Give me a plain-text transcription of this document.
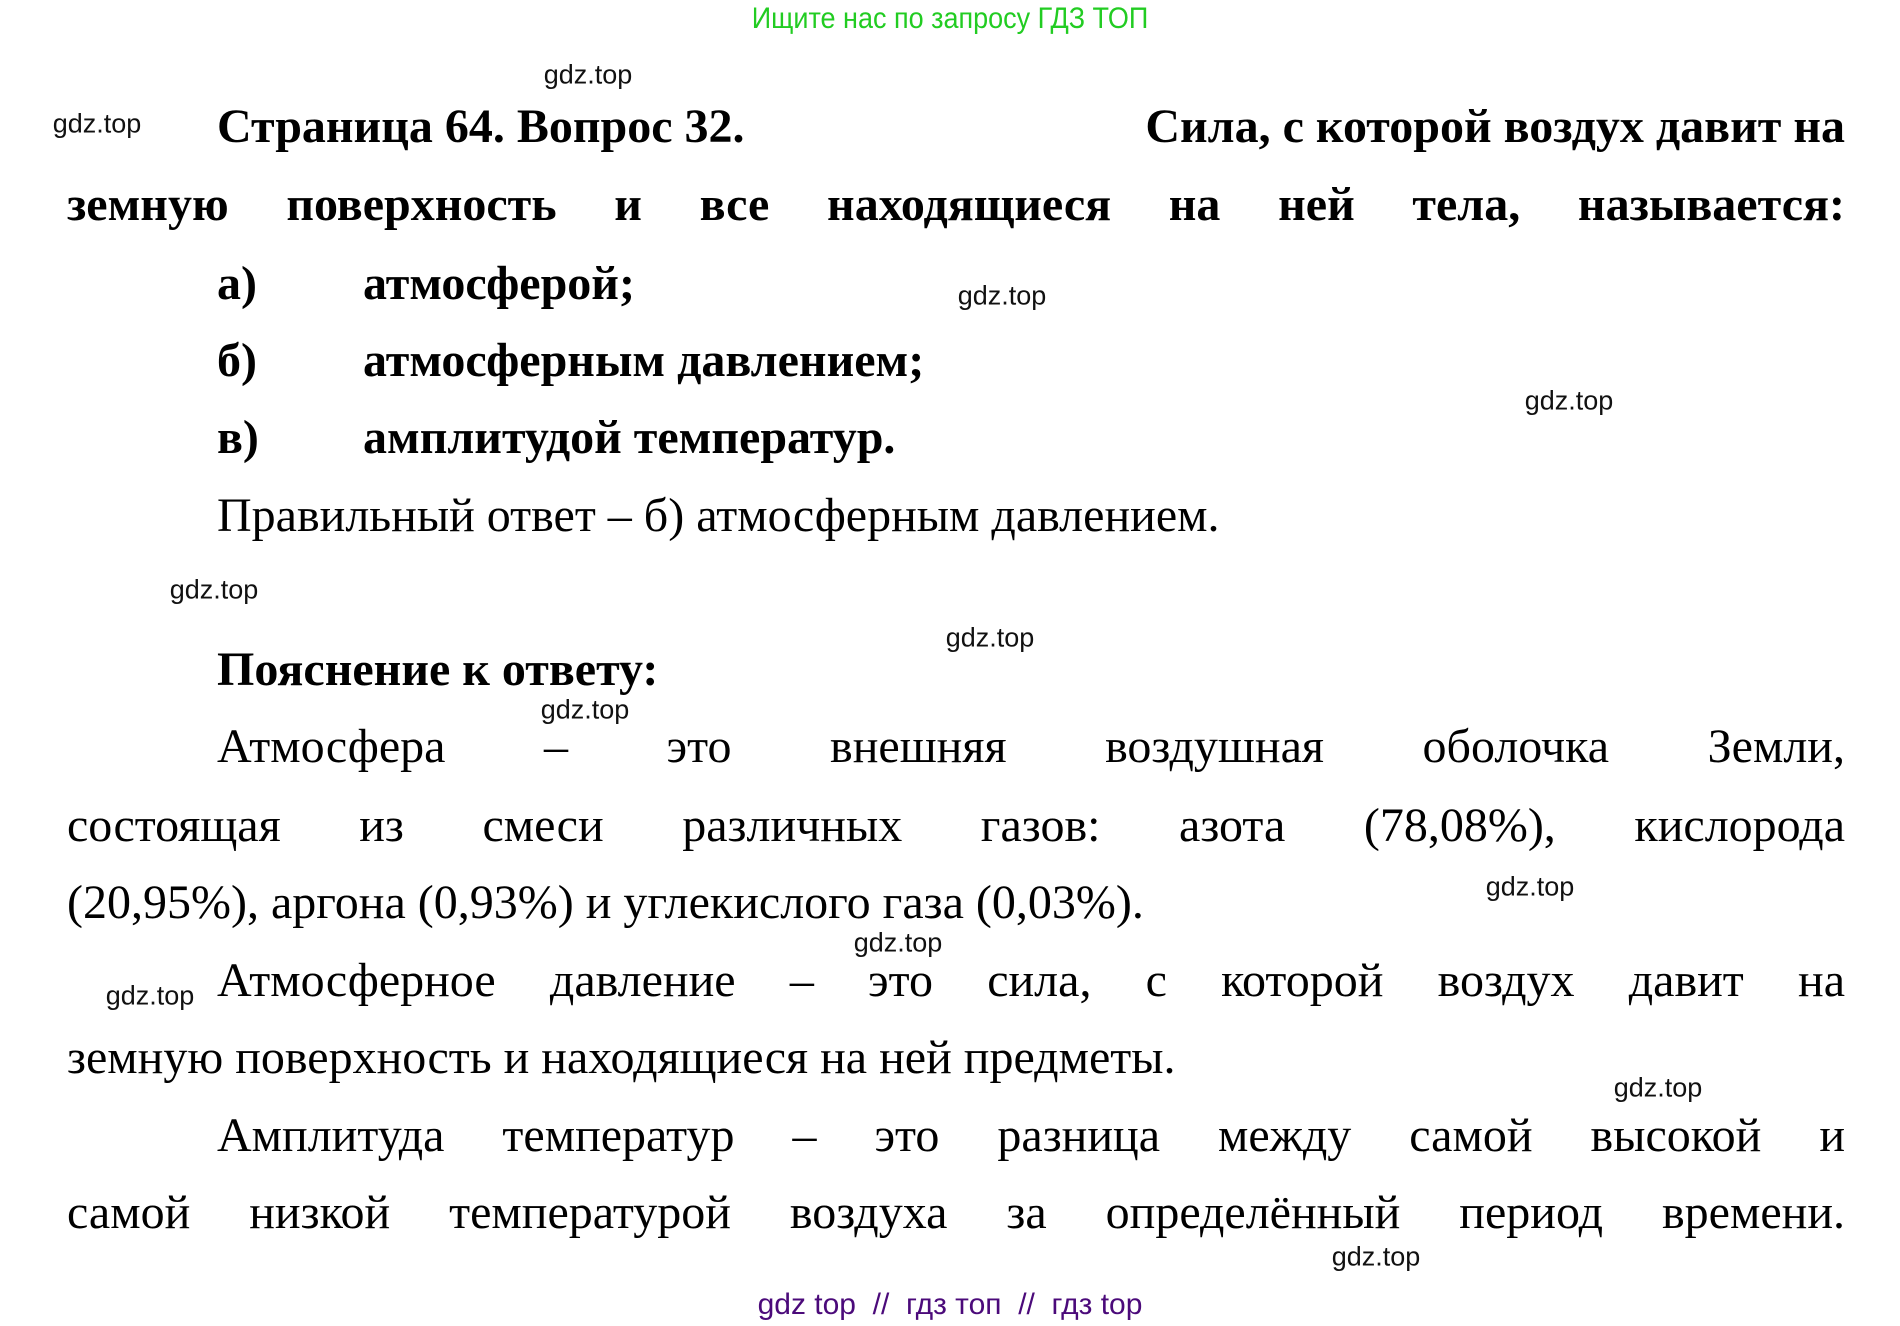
Ищите нас по запросу ГДЗ ТОП
Страница 64. Вопрос 32.	Сила, с которой воздух давит на
земную поверхность и все находящиеся на ней тела, называется:
а) атмосферой;
б) атмосферным давлением;
в) амплитудой температур.
Правильный ответ – б) атмосферным давлением.
Пояснение к ответу:
Атмосфера – это внешняя воздушная оболочка Земли,
состоящая из смеси различных газов: азота (78,08%), кислорода
(20,95%), аргона (0,93%) и углекислого газа (0,03%).
Атмосферное давление – это сила, с которой воздух давит на
земную поверхность и находящиеся на ней предметы.
Амплитуда температур – это разница между самой высокой и
самой низкой температурой воздуха за определённый период времени.
gdz.top
gdz.top
gdz.top
gdz.top
gdz.top
gdz.top
gdz.top
gdz.top
gdz.top
gdz.top
gdz.top
gdz.top
gdz top  //  гдз топ  //  гдз top
